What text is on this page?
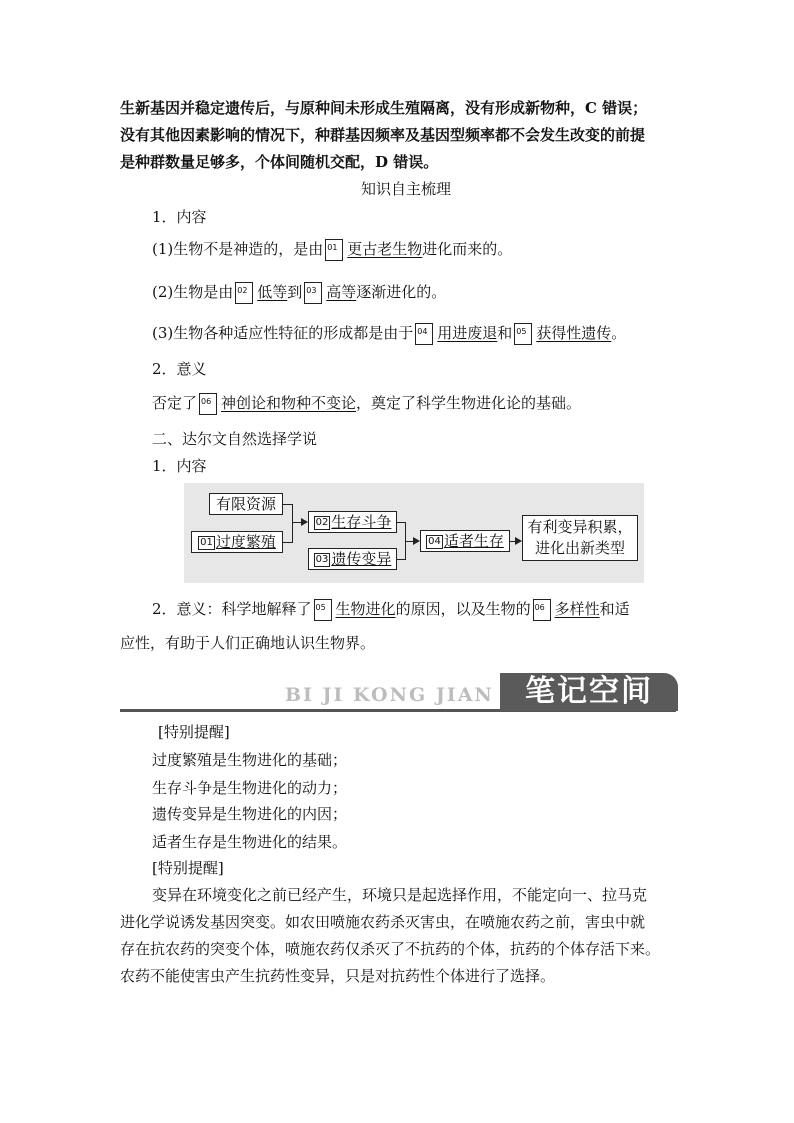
生新基因并稳定遗传后，与原种间未形成生殖隔离，没有形成新物种，C 错误；
没有其他因素影响的情况下，种群基因频率及基因型频率都不会发生改变的前提
是种群数量足够多，个体间随机交配，D 错误。
知识自主梳理
1．内容
(1)生物不是神造的，是由 01 更古老生物进化而来的。
(2)生物是由 02 低等到 03 高等逐渐进化的。
(3)生物各种适应性特征的形成都是由于 04 用进废退和 05 获得性遗传。
2．意义
否定了 06 神创论和物种不变论，奠定了科学生物进化论的基础。
二、达尔文自然选择学说
1．内容
有限资源
01 过度繁殖
02 生存斗争
03 遗传变异
04 适者生存
有利变异积累，
进化出新类型
2．意义：科学地解释了 05 生物进化的原因，以及生物的 06 多样性和适
应性，有助于人们正确地认识生物界。
BI JI KONG JIAN	笔记空间
[特别提醒]
过度繁殖是生物进化的基础；
生存斗争是生物进化的动力；
遗传变异是生物进化的内因；
适者生存是生物进化的结果。
[特别提醒]
变异在环境变化之前已经产生，环境只是起选择作用，不能定向一、拉马克
进化学说诱发基因突变。如农田喷施农药杀灭害虫，在喷施农药之前，害虫中就
存在抗农药的突变个体，喷施农药仅杀灭了不抗药的个体，抗药的个体存活下来。
农药不能使害虫产生抗药性变异，只是对抗药性个体进行了选择。
